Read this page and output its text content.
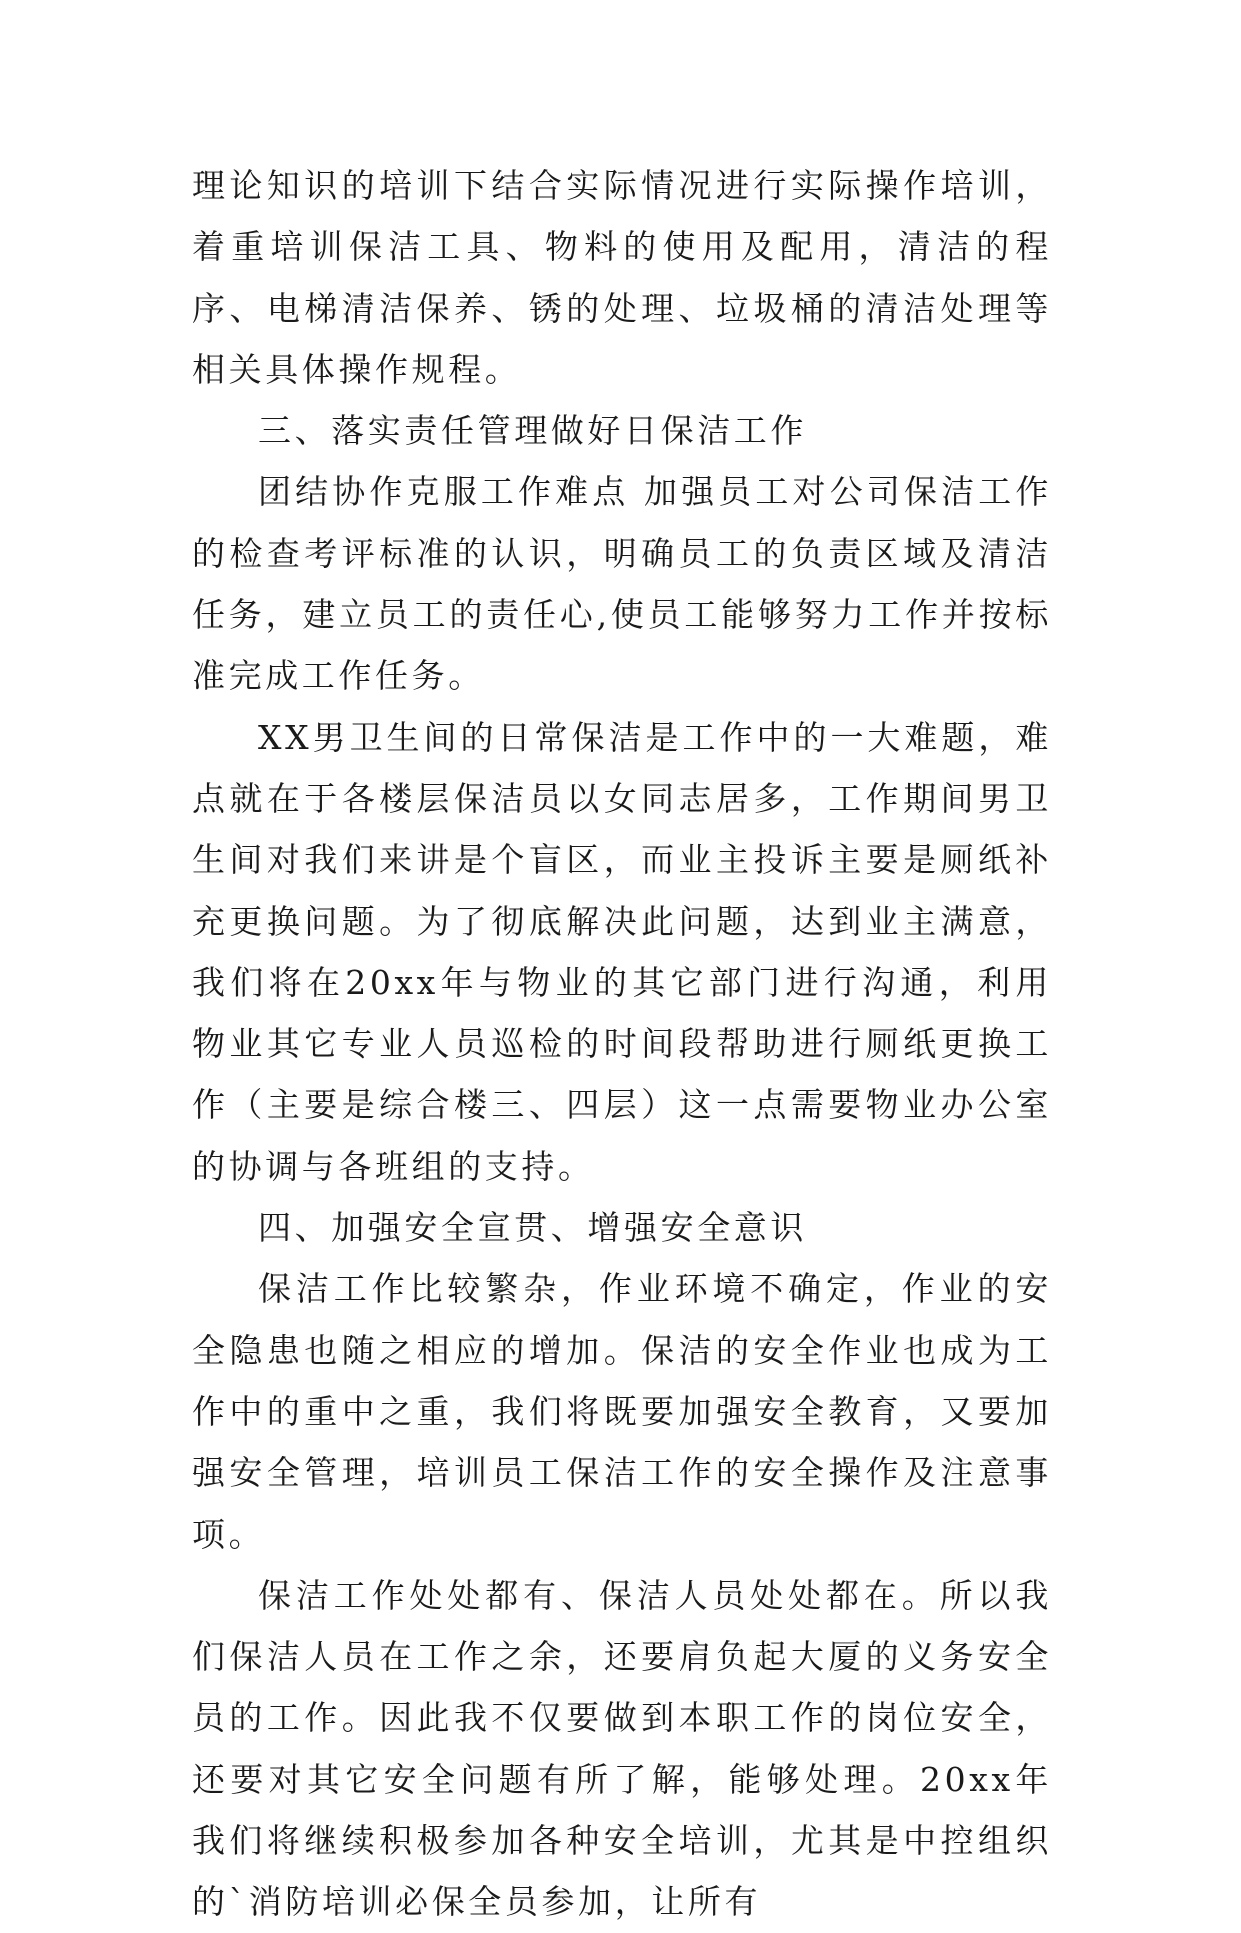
理论知识的培训下结合实际情况进行实际操作培训，着重培训保洁工具、物料的使用及配用，清洁的程序、电梯清洁保养、锈的处理、垃圾桶的清洁处理等相关具体操作规程。

三、落实责任管理做好日保洁工作

团结协作克服工作难点 加强员工对公司保洁工作的检查考评标准的认识，明确员工的负责区域及清洁任务，建立员工的责任心,使员工能够努力工作并按标准完成工作任务。

XX男卫生间的日常保洁是工作中的一大难题，难点就在于各楼层保洁员以女同志居多，工作期间男卫生间对我们来讲是个盲区，而业主投诉主要是厕纸补充更换问题。为了彻底解决此问题，达到业主满意，我们将在20xx年与物业的其它部门进行沟通，利用物业其它专业人员巡检的时间段帮助进行厕纸更换工作（主要是综合楼三、四层）这一点需要物业办公室的协调与各班组的支持。

四、加强安全宣贯、增强安全意识

保洁工作比较繁杂，作业环境不确定，作业的安全隐患也随之相应的增加。保洁的安全作业也成为工作中的重中之重，我们将既要加强安全教育，又要加强安全管理，培训员工保洁工作的安全操作及注意事项。

保洁工作处处都有、保洁人员处处都在。所以我们保洁人员在工作之余，还要肩负起大厦的义务安全员的工作。因此我不仅要做到本职工作的岗位安全，还要对其它安全问题有所了解，能够处理。20xx年我们将继续积极参加各种安全培训，尤其是中控组织的`消防培训必保全员参加，让所有
